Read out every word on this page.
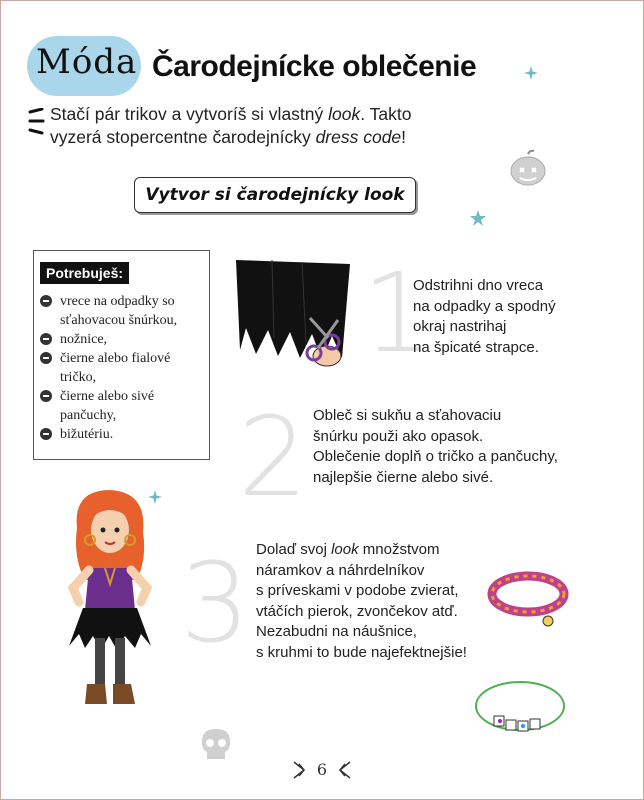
Móda Čarodejnícke oblečenie
Stačí pár trikov a vytvoríš si vlastný look. Takto
vyzerá stopercentne čarodejnícky dress code!
Vytvor si čarodejnícky look
Potrebuješ:
vrece na odpadky so sťahovacou šnúrkou,
nožnice,
čierne alebo fialové tričko,
čierne alebo sivé pančuchy,
bižutériu.
1
Odstrihni dno vreca
na odpadky a spodný
okraj nastrihaj
na špicaté strapce.
2 Obleč si sukňu a sťahovaciu
šnúrku použi ako opasok.
Oblečenie doplň o tričko a pančuchy,
najlepšie čierne alebo sivé.
3 Dolaď svoj look množstvom
náramkov a náhrdelníkov
s príveskami v podobe zvierat,
vtáčích pierok, zvončekov atď.
Nezabudni na náušnice,
s kruhmi to bude najefektnejšie!
6
